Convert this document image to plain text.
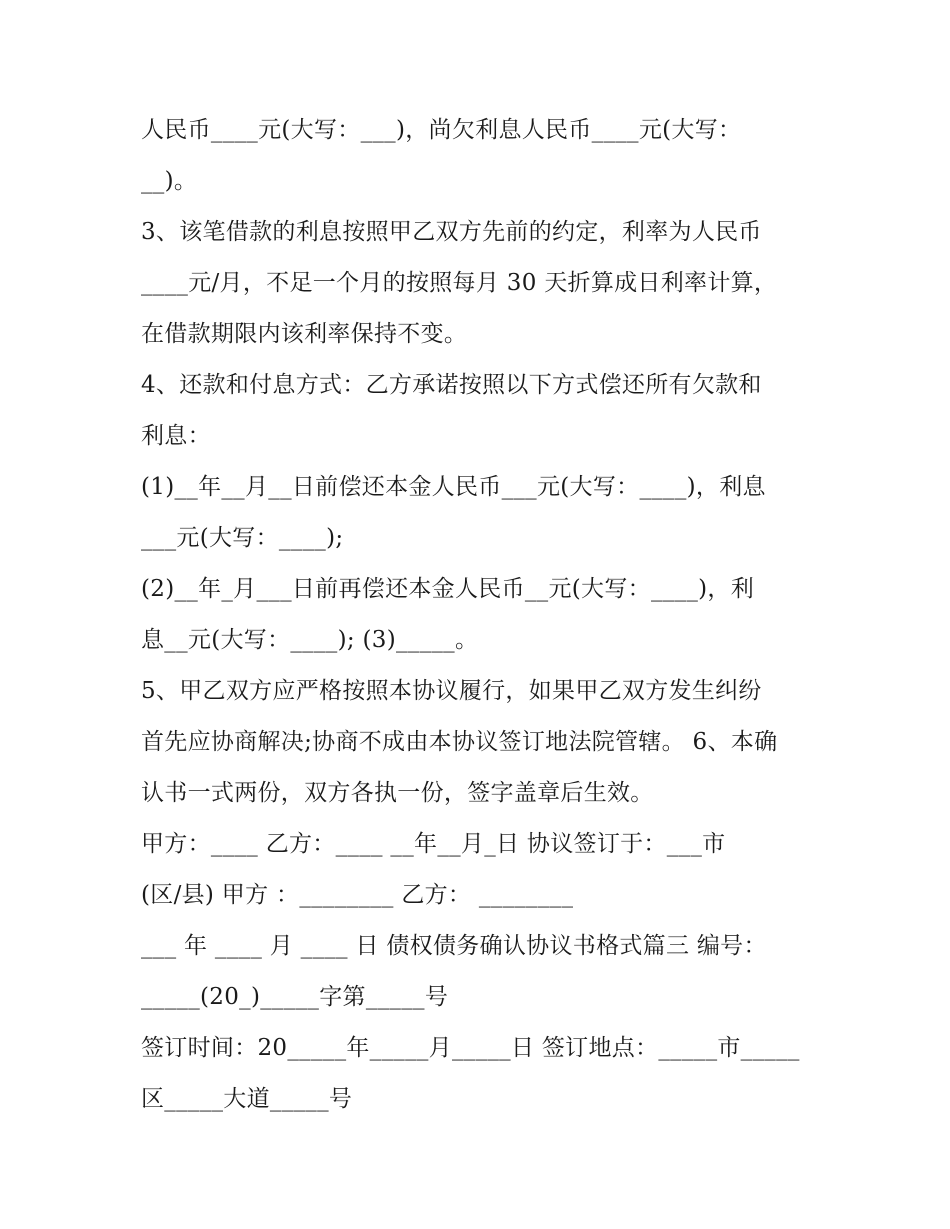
人民币____元(大写：___)，尚欠利息人民币____元(大写：
__)。
3、该笔借款的利息按照甲乙双方先前的约定，利率为人民币
____元/月，不足一个月的按照每月 30 天折算成日利率计算，
在借款期限内该利率保持不变。
4、还款和付息方式：乙方承诺按照以下方式偿还所有欠款和
利息：
(1)__年__月__日前偿还本金人民币___元(大写：____)，利息
___元(大写：____);
(2)__年_月___日前再偿还本金人民币__元(大写：____)，利
息__元(大写：____); (3)_____。
5、甲乙双方应严格按照本协议履行，如果甲乙双方发生纠纷
首先应协商解决;协商不成由本协议签订地法院管辖。 6、本确
认书一式两份，双方各执一份，签字盖章后生效。
甲方：____ 乙方：____ __年__月_日 协议签订于：___市
(区/县) 甲方 ：________ 乙方： ________
___ 年 ____ 月 ____ 日 债权债务确认协议书格式篇三 编号：
_____(20_)_____字第_____号
签订时间：20_____年_____月_____日 签订地点：_____市_____
区_____大道_____号
